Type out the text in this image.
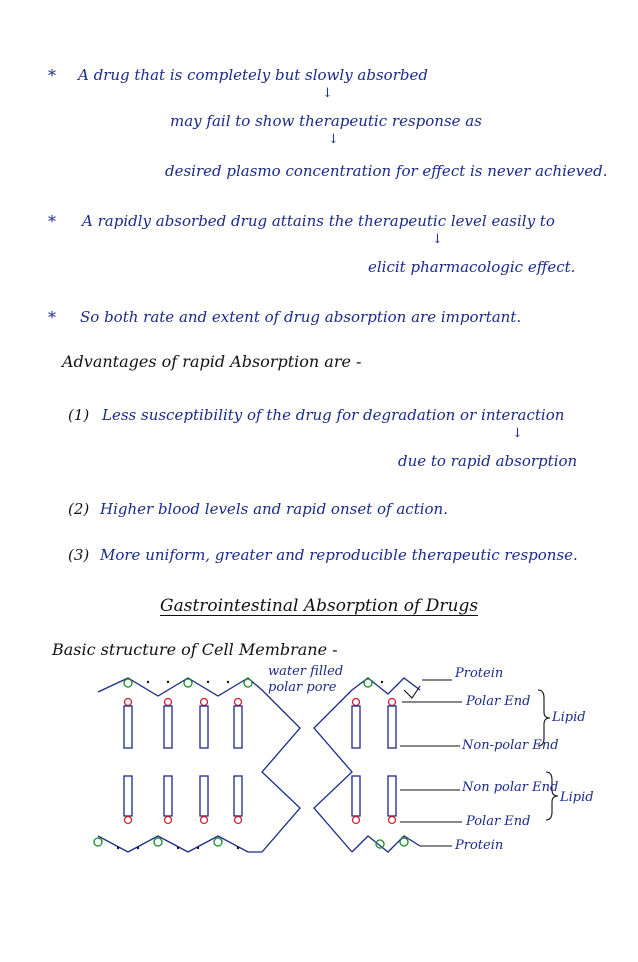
* A drug that is completely but slowly absorbed
↓
may fail to show therapeutic response as
↓
desired plasmo concentration for effect is never achieved.
* A rapidly absorbed drug attains the therapeutic level easily to
↓
elicit pharmacologic effect.
* So both rate and extent of drug absorption are important.
Advantages of rapid Absorption are -
(1) Less susceptibility of the drug for degradation or interaction
↓
due to rapid absorption
(2) Higher blood levels and rapid onset of action.
(3) More uniform, greater and reproducible therapeutic response.
Gastrointestinal Absorption of Drugs
Basic structure of Cell Membrane -
water filled
polar pore
Protein
Polar End
Lipid
Non-polar End
Non polar End
Lipid
Polar End
Protein
